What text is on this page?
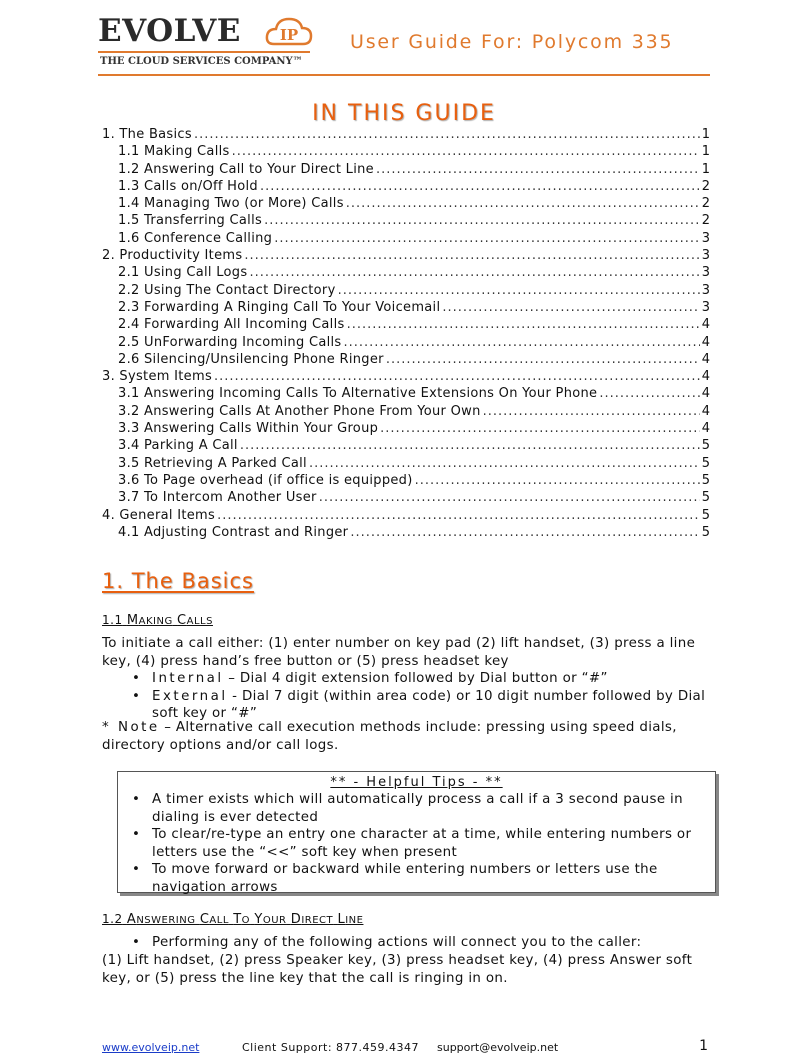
EVOLVE	IP
THE CLOUD SERVICES COMPANY™
User Guide For: Polycom 335
IN THIS GUIDE
1. The Basics .....	1
1.1 Making Calls .....	1
1.2 Answering Call to Your Direct Line .....	1
1.3 Calls on/Off Hold .....	2
1.4 Managing Two (or More) Calls .....	2
1.5 Transferring Calls .....	2
1.6 Conference Calling .....	3
2. Productivity Items .....	3
2.1 Using Call Logs .....	3
2.2 Using The Contact Directory .....	3
2.3 Forwarding A Ringing Call To Your Voicemail .....	3
2.4 Forwarding All Incoming Calls .....	4
2.5 UnForwarding Incoming Calls .....	4
2.6 Silencing/Unsilencing Phone Ringer .....	4
3. System Items .....	4
3.1 Answering Incoming Calls To Alternative Extensions On Your Phone .....	4
3.2 Answering Calls At Another Phone From Your Own .....	4
3.3 Answering Calls Within Your Group .....	4
3.4 Parking A Call .....	5
3.5 Retrieving A Parked Call .....	5
3.6 To Page overhead (if office is equipped) .....	5
3.7 To Intercom Another User .....	5
4. General Items .....	5
4.1 Adjusting Contrast and Ringer .....	5
1. The Basics
1.1 MAKING CALLS
To initiate a call either: (1) enter number on key pad (2) lift handset, (3) press a line key, (4) press hand’s free button or (5) press headset key
• Internal – Dial 4 digit extension followed by Dial button or “#”
• External - Dial 7 digit (within area code) or 10 digit number followed by Dial soft key or “#”
* Note – Alternative call execution methods include: pressing using speed dials, directory options and/or call logs.
** - Helpful Tips - **
• A timer exists which will automatically process a call if a 3 second pause in dialing is ever detected
• To clear/re-type an entry one character at a time, while entering numbers or letters use the “<<” soft key when present
• To move forward or backward while entering numbers or letters use the navigation arrows
1.2 ANSWERING CALL TO YOUR DIRECT LINE
• Performing any of the following actions will connect you to the caller:
(1) Lift handset, (2) press Speaker key, (3) press headset key, (4) press Answer soft key, or (5) press the line key that the call is ringing in on.
www.evolveip.net	Client Support: 877.459.4347 support@evolveip.net	1
